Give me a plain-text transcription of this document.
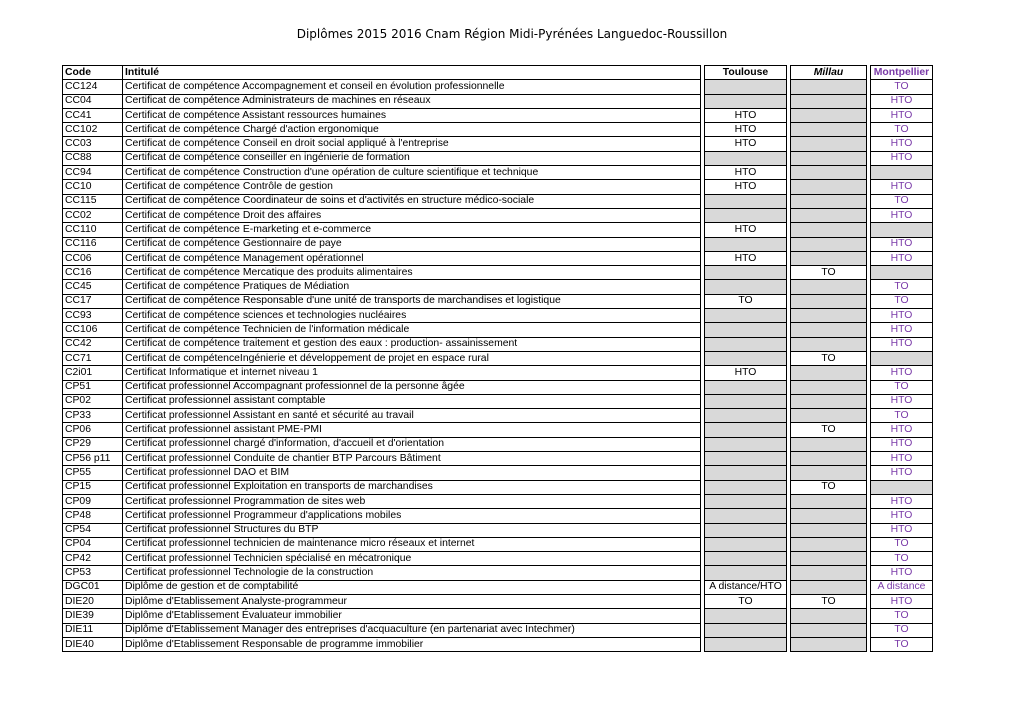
Diplômes 2015 2016 Cnam Région Midi-Pyrénées Languedoc-Roussillon
Code	Intitulé		Toulouse		Millau		Montpellier
CC124	Certificat de compétence Accompagnement et conseil en évolution professionnelle						TO
CC04	Certificat de compétence Administrateurs de machines en réseaux						HTO
CC41	Certificat de compétence Assistant ressources humaines		HTO				HTO
CC102	Certificat de compétence Chargé d'action ergonomique		HTO				TO
CC03	Certificat de compétence Conseil en droit social appliqué à l'entreprise		HTO				HTO
CC88	Certificat de compétence conseiller en ingénierie de formation						HTO
CC94	Certificat de compétence Construction d'une opération de culture scientifique et technique		HTO				
CC10	Certificat de compétence Contrôle de gestion		HTO				HTO
CC115	Certificat de compétence Coordinateur de soins et d'activités en structure médico-sociale						TO
CC02	Certificat de compétence Droit des affaires						HTO
CC110	Certificat de compétence E-marketing et e-commerce		HTO				
CC116	Certificat de compétence Gestionnaire de paye						HTO
CC06	Certificat de compétence Management opérationnel		HTO				HTO
CC16	Certificat de compétence Mercatique des produits alimentaires				TO		
CC45	Certificat de compétence Pratiques de Médiation						TO
CC17	Certificat de compétence Responsable d'une unité de transports de marchandises et logistique		TO				TO
CC93	Certificat de compétence sciences et technologies nucléaires						HTO
CC106	Certificat de compétence Technicien de l'information médicale						HTO
CC42	Certificat de compétence traitement et gestion des eaux : production- assainissement						HTO
CC71	Certificat de compétenceIngénierie et développement de projet en espace rural				TO		
C2i01	Certificat Informatique et internet niveau 1		HTO				HTO
CP51	Certificat professionnel Accompagnant professionnel de la personne âgée						TO
CP02	Certificat professionnel assistant comptable						HTO
CP33	Certificat professionnel Assistant en santé et sécurité au travail						TO
CP06	Certificat professionnel assistant PME-PMI				TO		HTO
CP29	Certificat professionnel chargé d'information, d'accueil et d'orientation						HTO
CP56 p11	Certificat professionnel Conduite de chantier BTP Parcours Bâtiment						HTO
CP55	Certificat professionnel DAO et BIM						HTO
CP15	Certificat professionnel Exploitation en transports de marchandises				TO		
CP09	Certificat professionnel Programmation de sites web						HTO
CP48	Certificat professionnel Programmeur d'applications mobiles						HTO
CP54	Certificat professionnel Structures du BTP						HTO
CP04	Certificat professionnel technicien de maintenance micro réseaux et internet						TO
CP42	Certificat professionnel Technicien spécialisé en mécatronique						TO
CP53	Certificat professionnel Technologie de la construction						HTO
DGC01	Diplôme de gestion et de comptabilité		A distance/HTO				A distance
DIE20	Diplôme d'Etablissement Analyste-programmeur		TO		TO		HTO
DIE39	Diplôme d'Etablissement Évaluateur immobilier						TO
DIE11	Diplôme d'Etablissement Manager des entreprises d'acquaculture (en partenariat avec Intechmer)						TO
DIE40	Diplôme d'Etablissement Responsable de programme immobilier						TO
